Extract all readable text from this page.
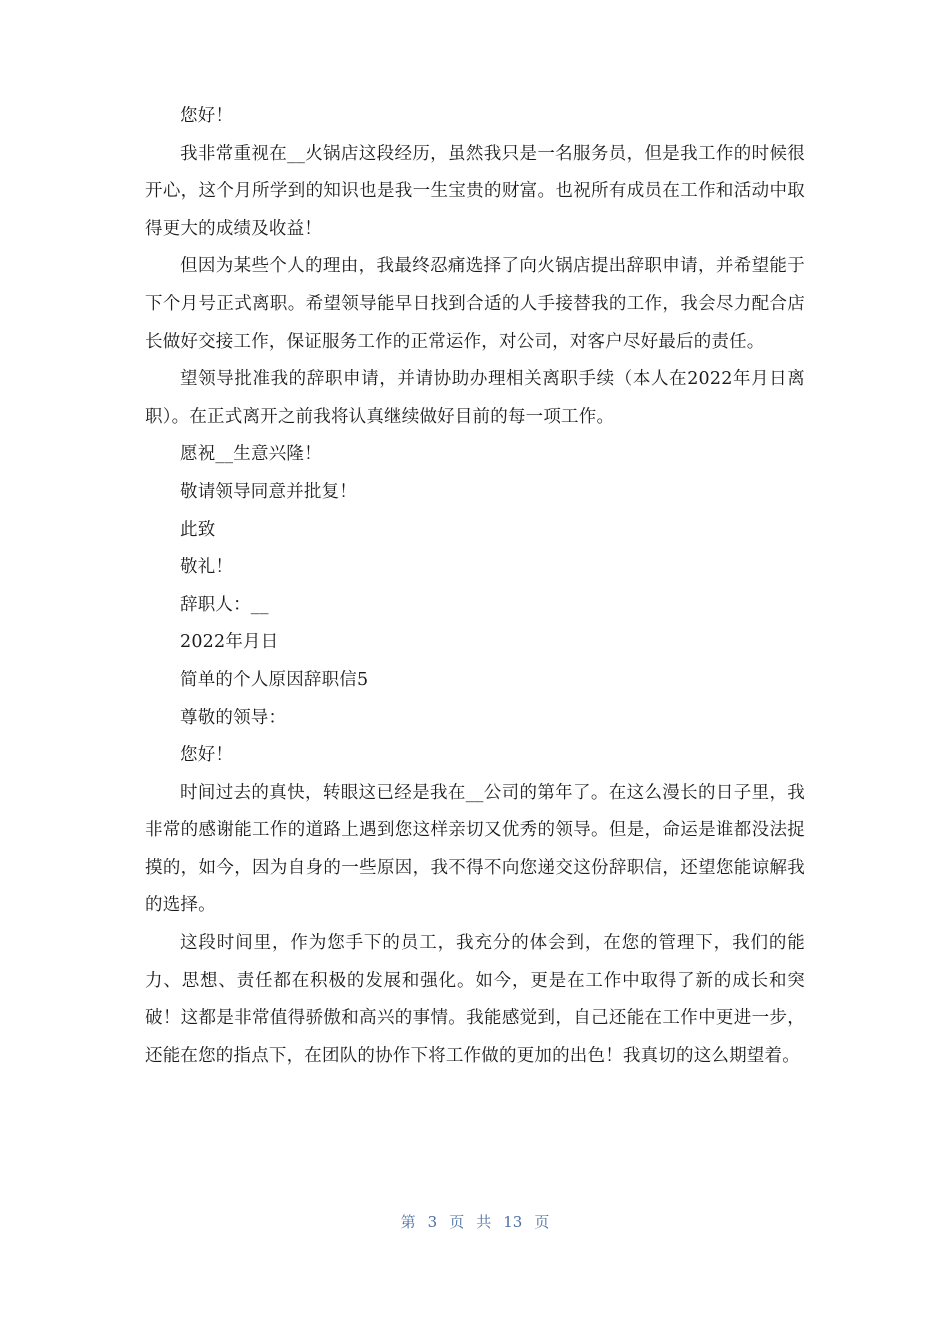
您好！

我非常重视在__火锅店这段经历，虽然我只是一名服务员，但是我工作的时候很开心，这个月所学到的知识也是我一生宝贵的财富。也祝所有成员在工作和活动中取得更大的成绩及收益！

但因为某些个人的理由，我最终忍痛选择了向火锅店提出辞职申请，并希望能于下个月号正式离职。希望领导能早日找到合适的人手接替我的工作，我会尽力配合店长做好交接工作，保证服务工作的正常运作，对公司，对客户尽好最后的责任。

望领导批准我的辞职申请，并请协助办理相关离职手续（本人在2022年月日离职）。在正式离开之前我将认真继续做好目前的每一项工作。

愿祝__生意兴隆！

敬请领导同意并批复！

此致

敬礼！

辞职人：__

2022年月日

简单的个人原因辞职信5

尊敬的领导：

您好！

时间过去的真快，转眼这已经是我在__公司的第年了。在这么漫长的日子里，我非常的感谢能工作的道路上遇到您这样亲切又优秀的领导。但是，命运是谁都没法捉摸的，如今，因为自身的一些原因，我不得不向您递交这份辞职信，还望您能谅解我的选择。

这段时间里，作为您手下的员工，我充分的体会到，在您的管理下，我们的能力、思想、责任都在积极的发展和强化。如今，更是在工作中取得了新的成长和突破！这都是非常值得骄傲和高兴的事情。我能感觉到，自己还能在工作中更进一步，还能在您的指点下，在团队的协作下将工作做的更加的出色！我真切的这么期望着。

第 3 页 共 13 页
